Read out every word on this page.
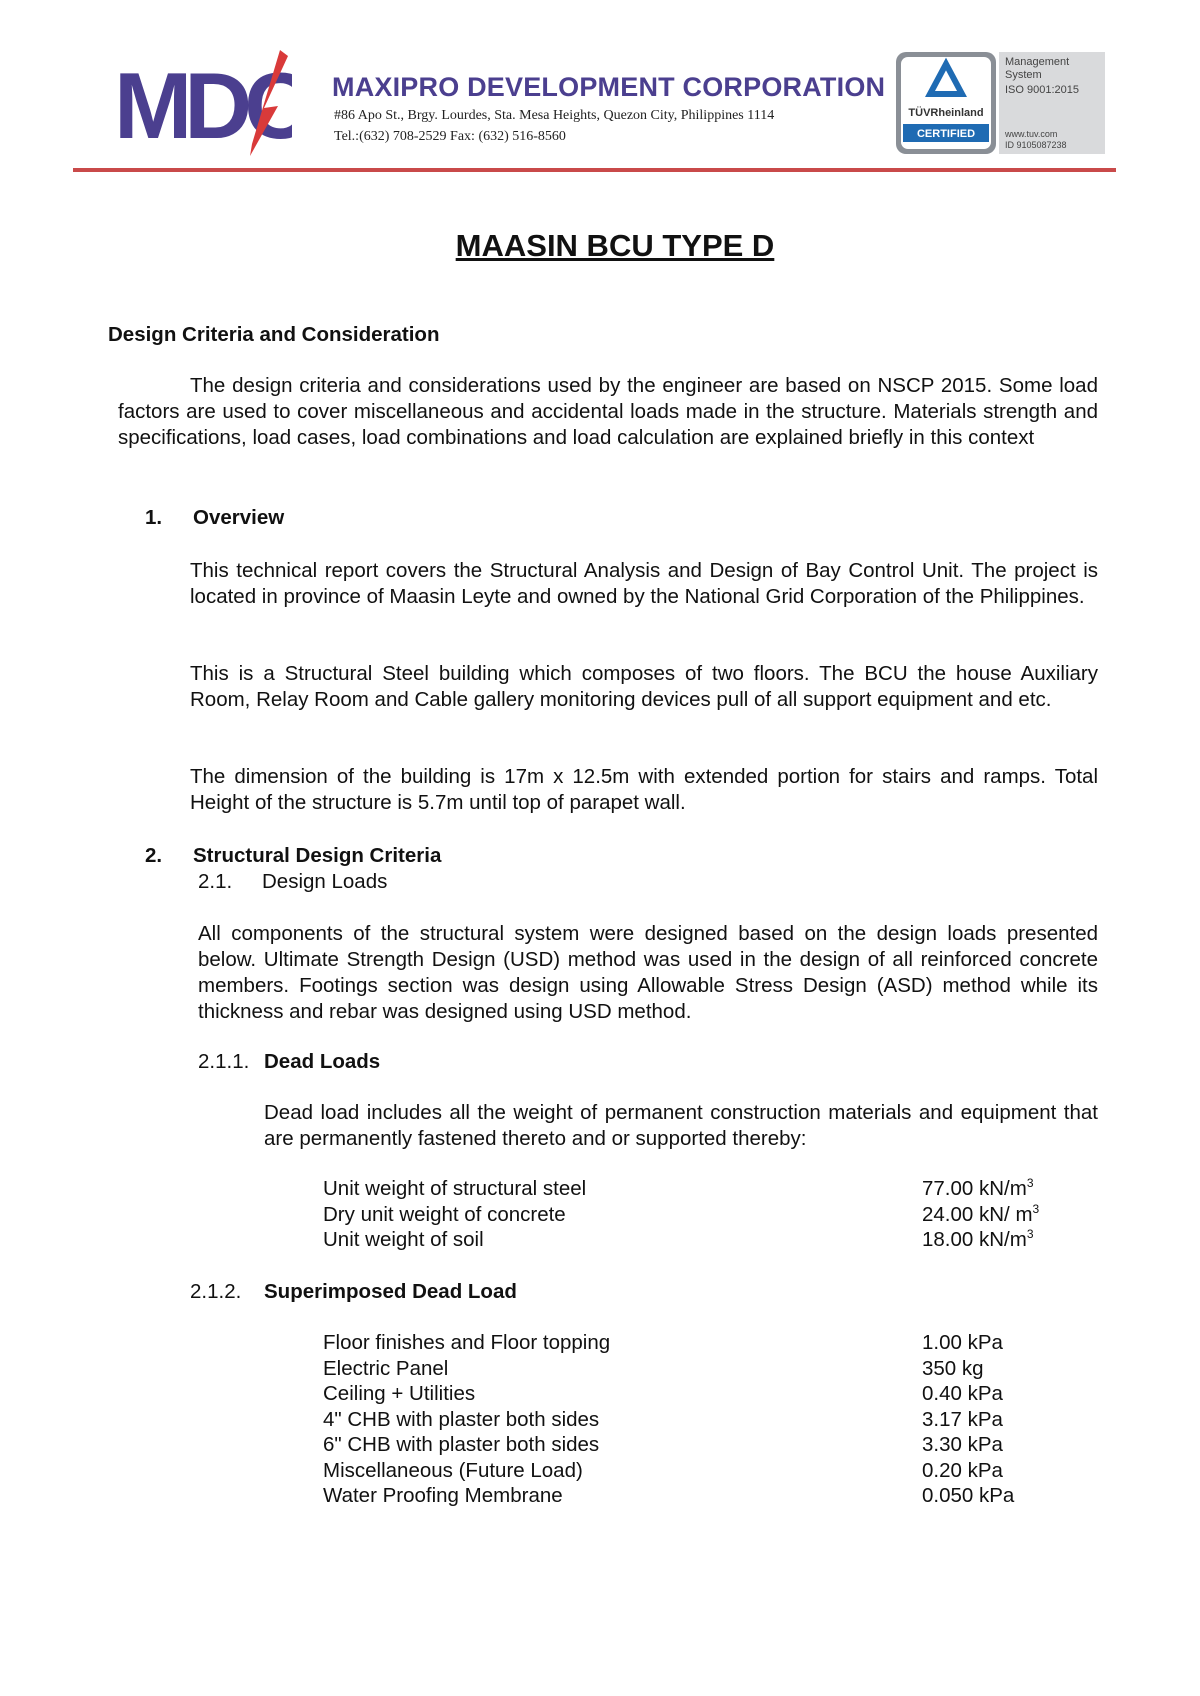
MDC MAXIPRO DEVELOPMENT CORPORATION
#86 Apo St., Brgy. Lourdes, Sta. Mesa Heights, Quezon City, Philippines 1114
Tel.:(632) 708-2529 Fax: (632) 516-8560
TÜVRheinland
CERTIFIED
Management
System
ISO 9001:2015
www.tuv.com
ID 9105087238
MAASIN BCU TYPE D
Design Criteria and Consideration
The design criteria and considerations used by the engineer are based on NSCP 2015. Some load factors are used to cover miscellaneous and accidental loads made in the structure. Materials strength and specifications, load cases, load combinations and load calculation are explained briefly in this context
1. Overview
This technical report covers the Structural Analysis and Design of Bay Control Unit. The project is located in province of Maasin Leyte and owned by the National Grid Corporation of the Philippines.
This is a Structural Steel building which composes of two floors. The BCU the house Auxiliary Room, Relay Room and Cable gallery monitoring devices pull of all support equipment and etc.
The dimension of the building is 17m x 12.5m with extended portion for stairs and ramps. Total Height of the structure is 5.7m until top of parapet wall.
2. Structural Design Criteria
2.1. Design Loads
All components of the structural system were designed based on the design loads presented below. Ultimate Strength Design (USD) method was used in the design of all reinforced concrete members. Footings section was design using Allowable Stress Design (ASD) method while its thickness and rebar was designed using USD method.
2.1.1. Dead Loads
Dead load includes all the weight of permanent construction materials and equipment that are permanently fastened thereto and or supported thereby:
Unit weight of structural steel	77.00 $kN/m^3$
Dry unit weight of concrete	24.00 kN/ $m^3$
Unit weight of soil	18.00 $kN/m^3$
2.1.2. Superimposed Dead Load
Floor finishes and Floor topping	1.00 kPa
Electric Panel	350 kg
Ceiling + Utilities	0.40 kPa
4" CHB with plaster both sides	3.17 kPa
6" CHB with plaster both sides	3.30 kPa
Miscellaneous (Future Load)	0.20 kPa
Water Proofing Membrane	0.050 kPa
